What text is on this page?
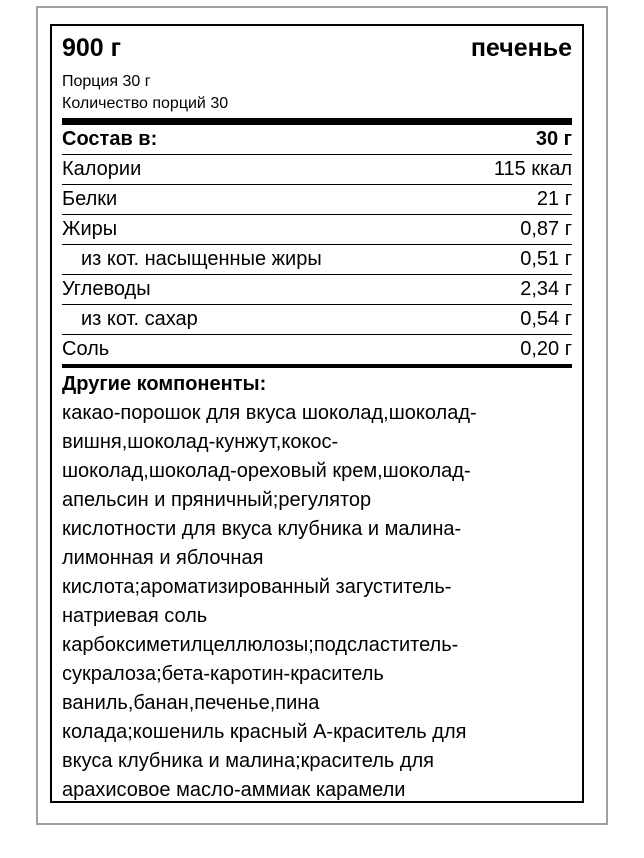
900 г	печенье
Порция 30 г
Количество порций 30
Состав в:	30 г
Калории	115 ккал
Белки	21 г
Жиры	0,87 г
из кот. насыщенные жиры	0,51 г
Углеводы	2,34 г
из кот. сахар	0,54 г
Соль	0,20 г
Другие компоненты:
какао-порошок для вкуса шоколад,шоколад-
вишня,шоколад-кунжут,кокос-
шоколад,шоколад-ореховый крем,шоколад-
апельсин и пряничный;регулятор
кислотности для вкуса клубника и малина-
лимонная и яблочная
кислота;ароматизированный загуститель-
натриевая соль
карбоксиметилцеллюлозы;подсластитель-
сукралоза;бета-каротин-краситель
ваниль,банан,печенье,пина
колада;кошениль красный А-краситель для
вкуса клубника и малина;краситель для
арахисовое масло-аммиак карамели
